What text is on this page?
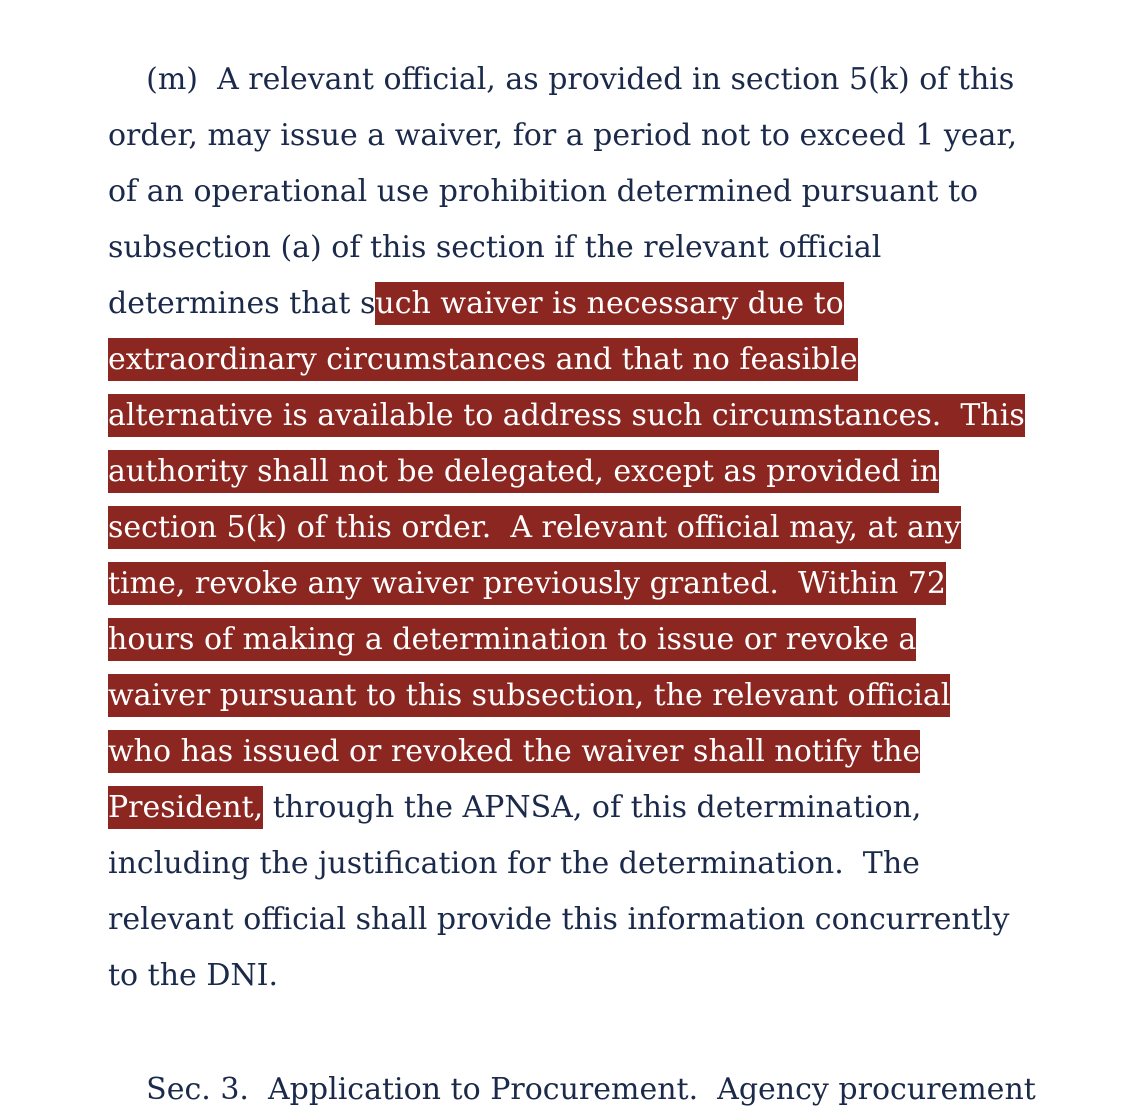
(m)  A relevant official, as provided in section 5(k) of this
order, may issue a waiver, for a period not to exceed 1 year,
of an operational use prohibition determined pursuant to
subsection (a) of this section if the relevant official
determines that such waiver is necessary due to
extraordinary circumstances and that no feasible
alternative is available to address such circumstances.  This
authority shall not be delegated, except as provided in
section 5(k) of this order.  A relevant official may, at any
time, revoke any waiver previously granted.  Within 72
hours of making a determination to issue or revoke a
waiver pursuant to this subsection, the relevant official
who has issued or revoked the waiver shall notify the
President, through the APNSA, of this determination,
including the justification for the determination.  The
relevant official shall provide this information concurrently
to the DNI.
Sec. 3.  Application to Procurement.  Agency procurement
